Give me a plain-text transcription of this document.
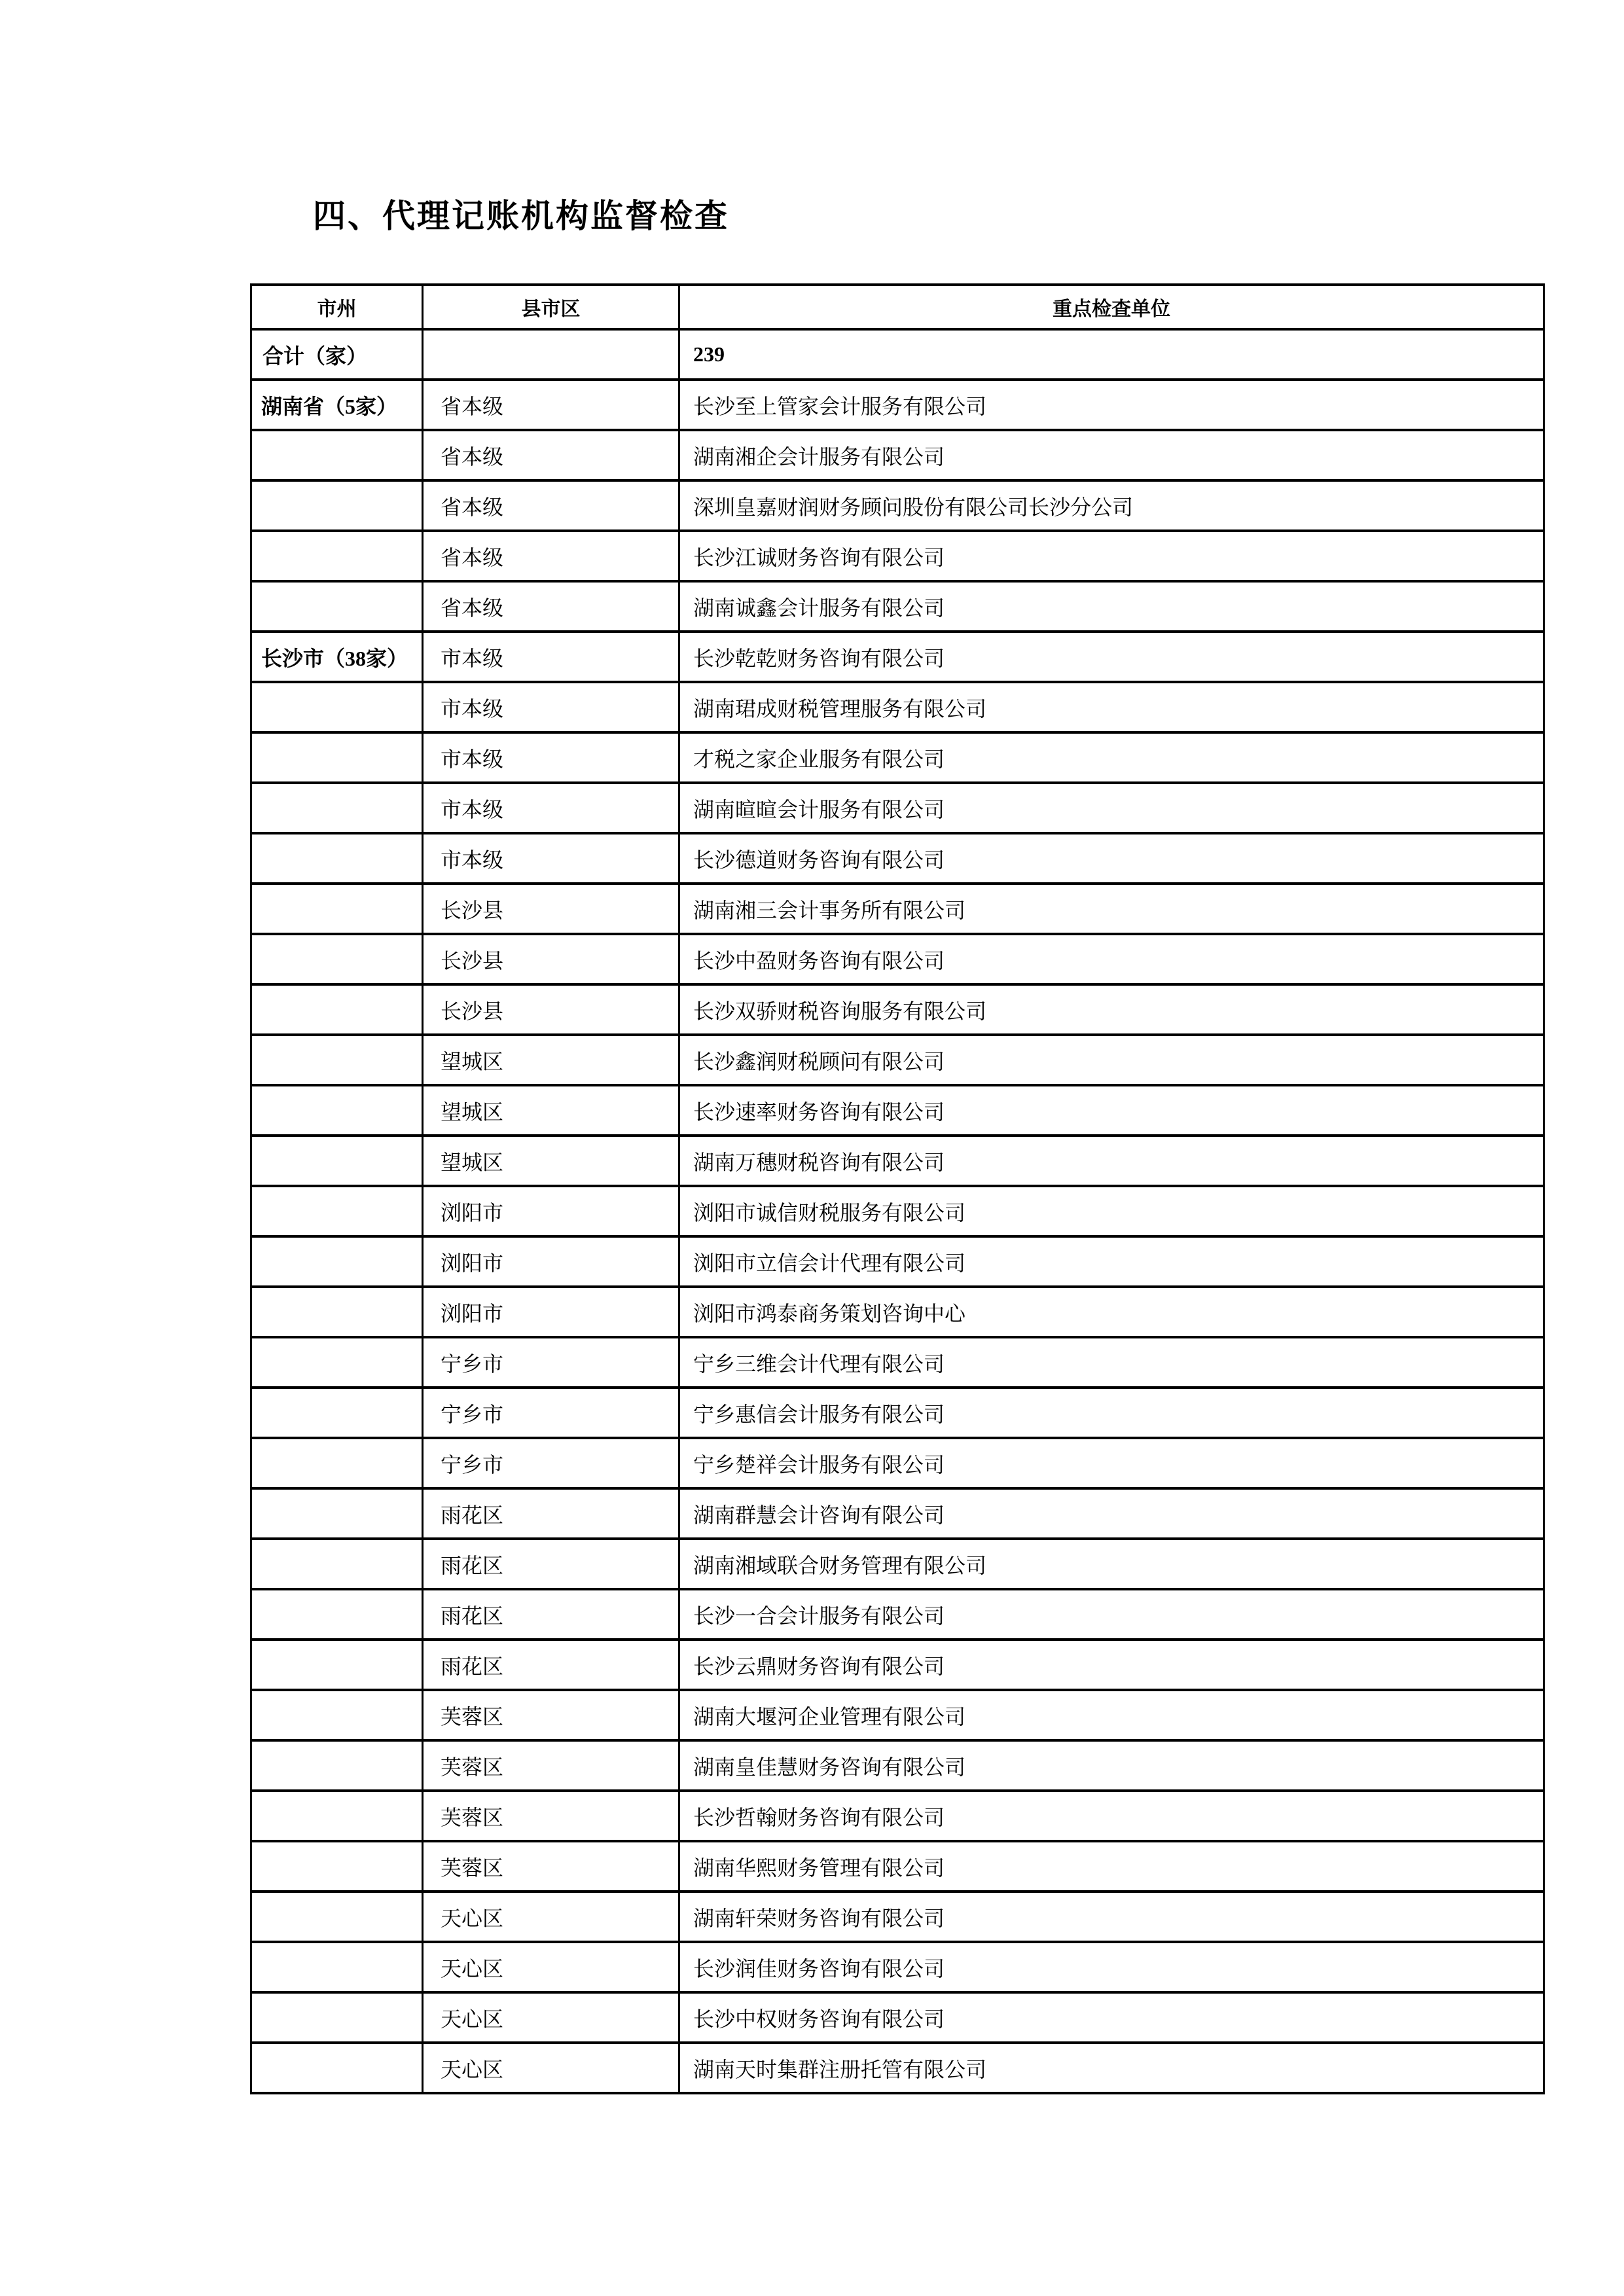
四、代理记账机构监督检查
市州	县市区	重点检查单位
合计（家）		239
湖南省（5家）	省本级	长沙至上管家会计服务有限公司
	省本级	湖南湘企会计服务有限公司
	省本级	深圳皇嘉财润财务顾问股份有限公司长沙分公司
	省本级	长沙江诚财务咨询有限公司
	省本级	湖南诚鑫会计服务有限公司
长沙市（38家）	市本级	长沙乾乾财务咨询有限公司
	市本级	湖南珺成财税管理服务有限公司
	市本级	才税之家企业服务有限公司
	市本级	湖南暄暄会计服务有限公司
	市本级	长沙德道财务咨询有限公司
	长沙县	湖南湘三会计事务所有限公司
	长沙县	长沙中盈财务咨询有限公司
	长沙县	长沙双骄财税咨询服务有限公司
	望城区	长沙鑫润财税顾问有限公司
	望城区	长沙速率财务咨询有限公司
	望城区	湖南万穗财税咨询有限公司
	浏阳市	浏阳市诚信财税服务有限公司
	浏阳市	浏阳市立信会计代理有限公司
	浏阳市	浏阳市鸿泰商务策划咨询中心
	宁乡市	宁乡三维会计代理有限公司
	宁乡市	宁乡惠信会计服务有限公司
	宁乡市	宁乡楚祥会计服务有限公司
	雨花区	湖南群慧会计咨询有限公司
	雨花区	湖南湘域联合财务管理有限公司
	雨花区	长沙一合会计服务有限公司
	雨花区	长沙云鼎财务咨询有限公司
	芙蓉区	湖南大堰河企业管理有限公司
	芙蓉区	湖南皇佳慧财务咨询有限公司
	芙蓉区	长沙哲翰财务咨询有限公司
	芙蓉区	湖南华熙财务管理有限公司
	天心区	湖南轩荣财务咨询有限公司
	天心区	长沙润佳财务咨询有限公司
	天心区	长沙中权财务咨询有限公司
	天心区	湖南天时集群注册托管有限公司
